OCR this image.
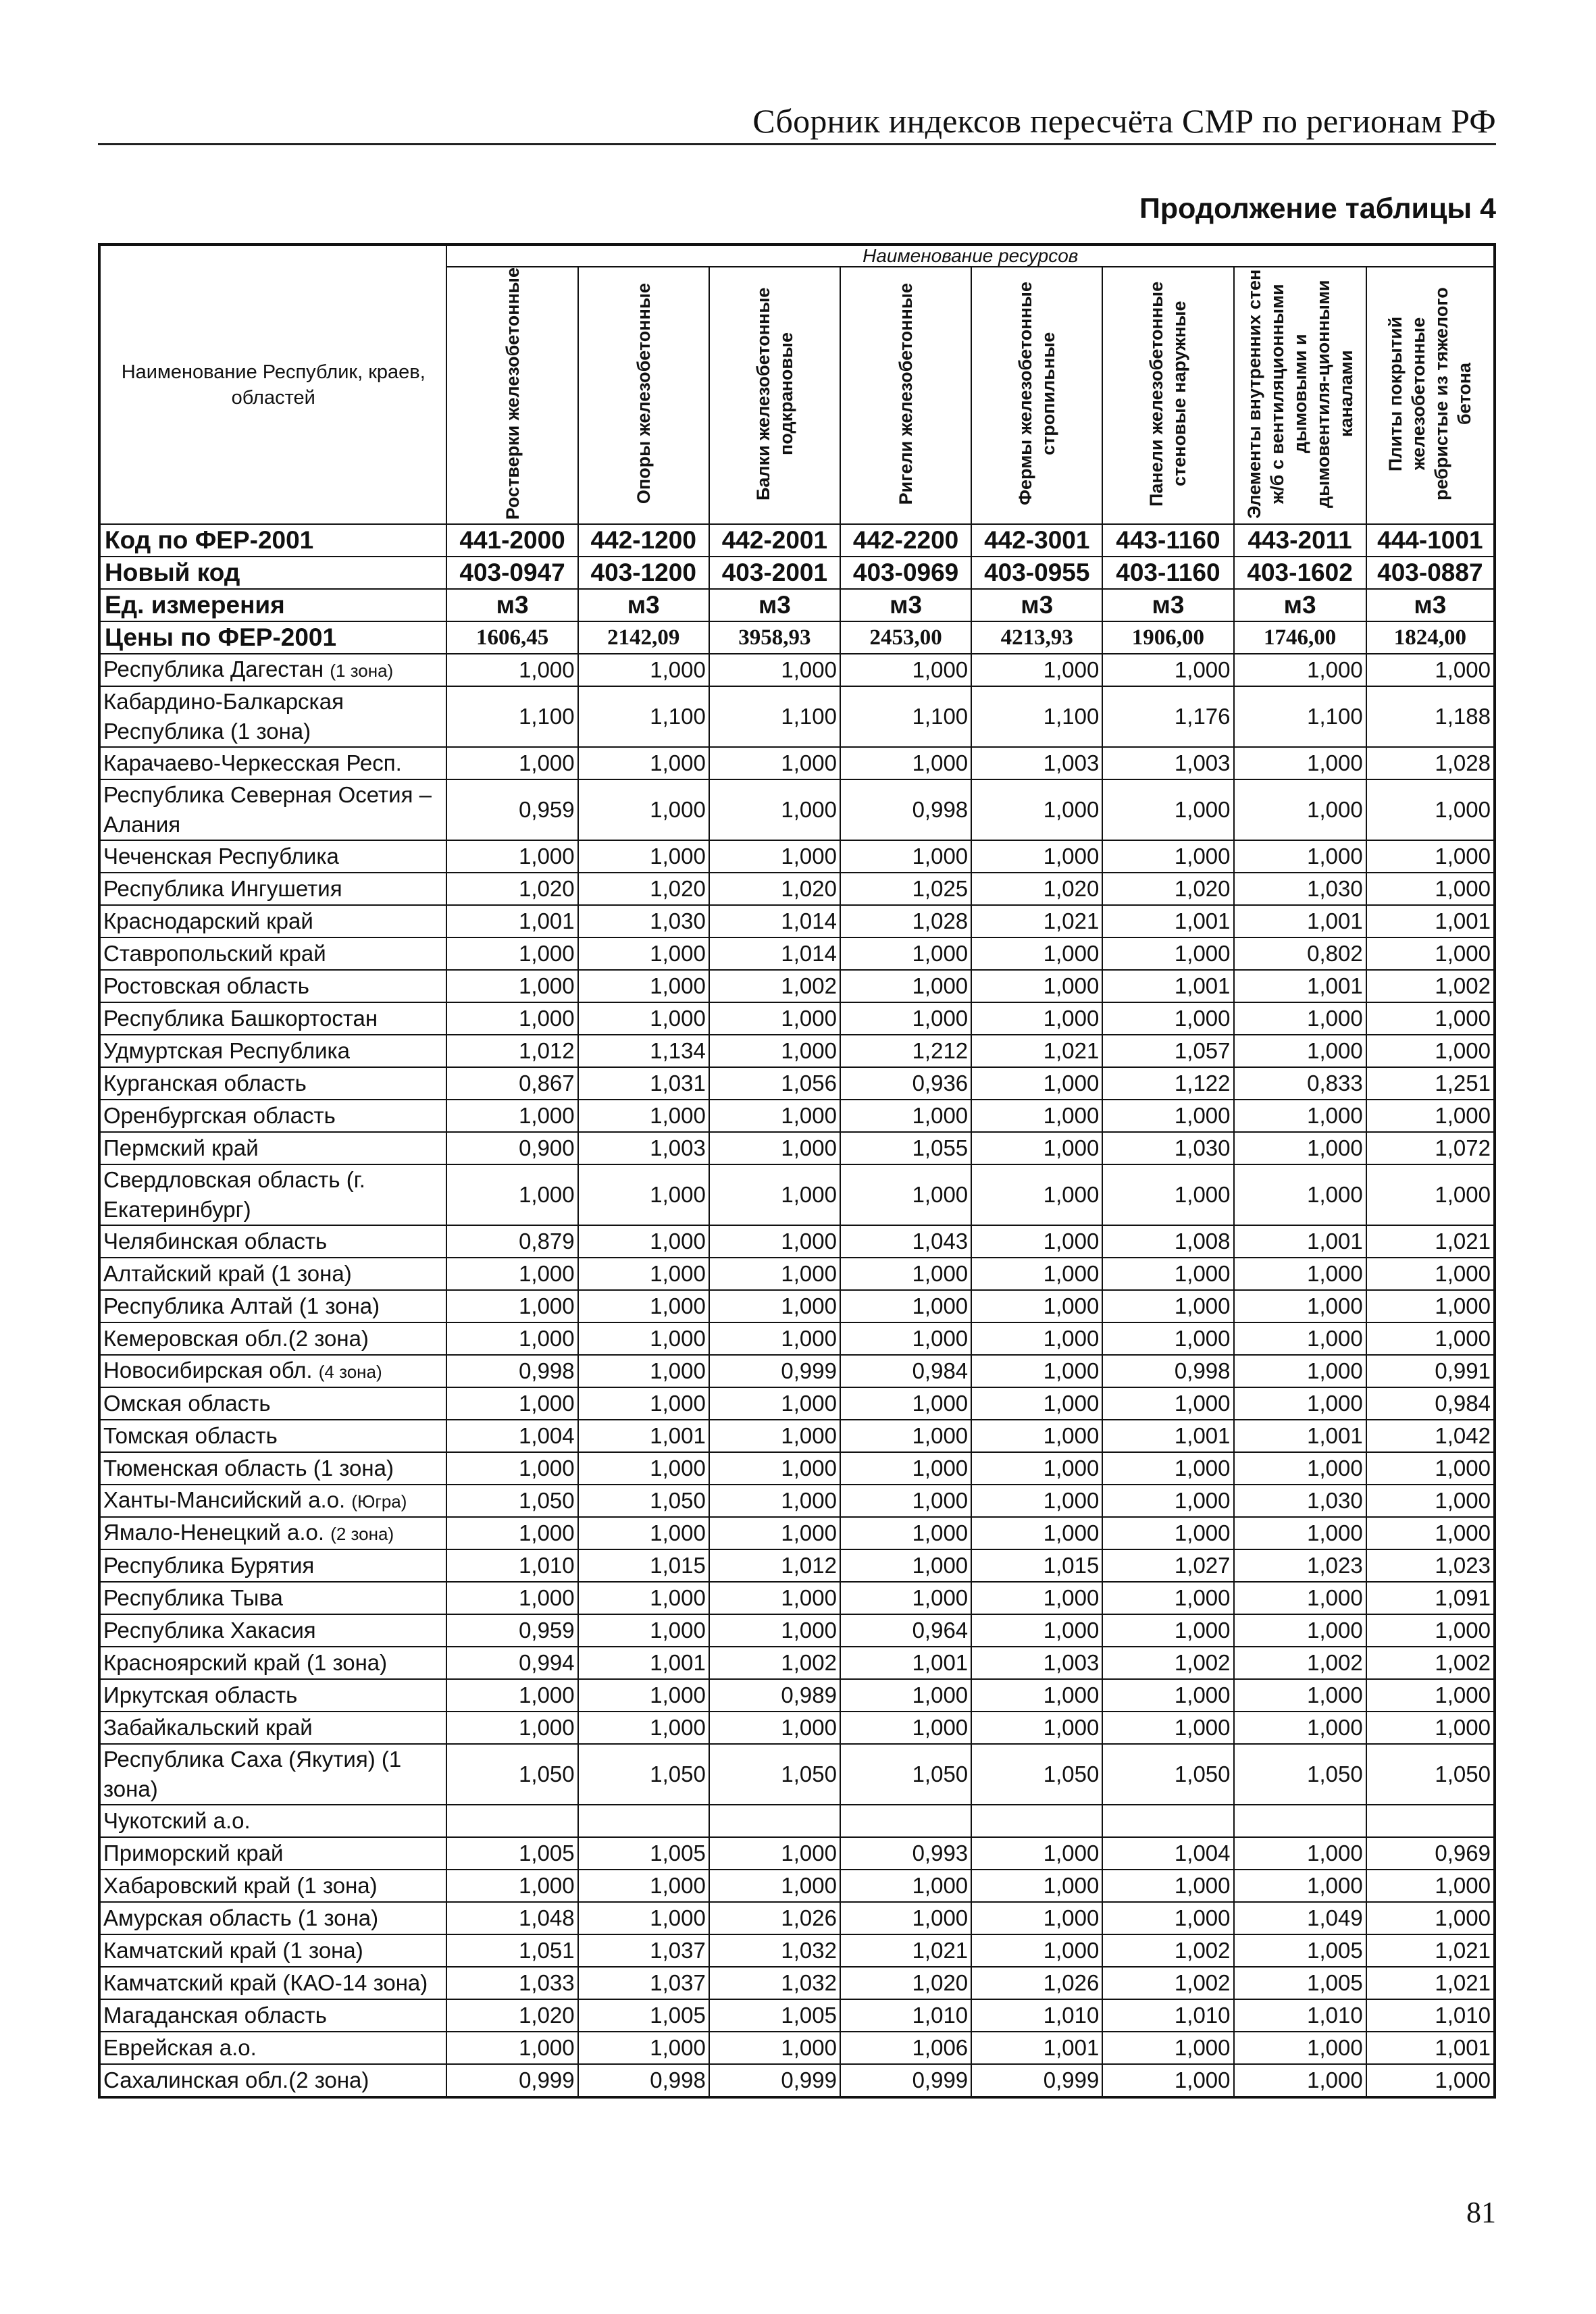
Сборник индексов пересчёта СМР по регионам РФ
Продолжение таблицы 4
Наименование Республик, краев, областей	Наименование ресурсов							
	Ростверки железобетонные	Опоры железобетонные	Балки железобетонные подкрановые	Ригели железобетонные	Фермы железобетонные стропильные	Панели железобетонные стеновые наружные	Элементы внутренних стен ж/б с вентиляционными дымовыми и дымовентиля-ционными каналами	Плиты покрытий железобетонные ребристые из тяжелого бетона
Код по ФЕР-2001	441-2000	442-1200	442-2001	442-2200	442-3001	443-1160	443-2011	444-1001
Новый код	403-0947	403-1200	403-2001	403-0969	403-0955	403-1160	403-1602	403-0887
Ед. измерения	м3	м3	м3	м3	м3	м3	м3	м3
Цены по ФЕР-2001	1606,45	2142,09	3958,93	2453,00	4213,93	1906,00	1746,00	1824,00
Республика Дагестан (1 зона)	1,000	1,000	1,000	1,000	1,000	1,000	1,000	1,000
Кабардино-Балкарская Республика (1 зона)	1,100	1,100	1,100	1,100	1,100	1,176	1,100	1,188
Карачаево-Черкесская Респ.	1,000	1,000	1,000	1,000	1,003	1,003	1,000	1,028
Республика Северная Осетия – Алания	0,959	1,000	1,000	0,998	1,000	1,000	1,000	1,000
Чеченская Республика	1,000	1,000	1,000	1,000	1,000	1,000	1,000	1,000
Республика Ингушетия	1,020	1,020	1,020	1,025	1,020	1,020	1,030	1,000
Краснодарский край	1,001	1,030	1,014	1,028	1,021	1,001	1,001	1,001
Ставропольский край	1,000	1,000	1,014	1,000	1,000	1,000	0,802	1,000
Ростовская область	1,000	1,000	1,002	1,000	1,000	1,001	1,001	1,002
Республика Башкортостан	1,000	1,000	1,000	1,000	1,000	1,000	1,000	1,000
Удмуртская Республика	1,012	1,134	1,000	1,212	1,021	1,057	1,000	1,000
Курганская область	0,867	1,031	1,056	0,936	1,000	1,122	0,833	1,251
Оренбургская область	1,000	1,000	1,000	1,000	1,000	1,000	1,000	1,000
Пермский край	0,900	1,003	1,000	1,055	1,000	1,030	1,000	1,072
Свердловская область (г. Екатеринбург)	1,000	1,000	1,000	1,000	1,000	1,000	1,000	1,000
Челябинская область	0,879	1,000	1,000	1,043	1,000	1,008	1,001	1,021
Алтайский край (1 зона)	1,000	1,000	1,000	1,000	1,000	1,000	1,000	1,000
Республика Алтай (1 зона)	1,000	1,000	1,000	1,000	1,000	1,000	1,000	1,000
Кемеровская обл.(2 зона)	1,000	1,000	1,000	1,000	1,000	1,000	1,000	1,000
Новосибирская обл. (4 зона)	0,998	1,000	0,999	0,984	1,000	0,998	1,000	0,991
Омская область	1,000	1,000	1,000	1,000	1,000	1,000	1,000	0,984
Томская область	1,004	1,001	1,000	1,000	1,000	1,001	1,001	1,042
Тюменская область (1 зона)	1,000	1,000	1,000	1,000	1,000	1,000	1,000	1,000
Ханты-Мансийский а.о. (Югра)	1,050	1,050	1,000	1,000	1,000	1,000	1,030	1,000
Ямало-Ненецкий а.о. (2 зона)	1,000	1,000	1,000	1,000	1,000	1,000	1,000	1,000
Республика Бурятия	1,010	1,015	1,012	1,000	1,015	1,027	1,023	1,023
Республика Тыва	1,000	1,000	1,000	1,000	1,000	1,000	1,000	1,091
Республика Хакасия	0,959	1,000	1,000	0,964	1,000	1,000	1,000	1,000
Красноярский край (1 зона)	0,994	1,001	1,002	1,001	1,003	1,002	1,002	1,002
Иркутская область	1,000	1,000	0,989	1,000	1,000	1,000	1,000	1,000
Забайкальский край	1,000	1,000	1,000	1,000	1,000	1,000	1,000	1,000
Республика Саха (Якутия) (1 зона)	1,050	1,050	1,050	1,050	1,050	1,050	1,050	1,050
Чукотский а.о.								
Приморский край	1,005	1,005	1,000	0,993	1,000	1,004	1,000	0,969
Хабаровский край (1 зона)	1,000	1,000	1,000	1,000	1,000	1,000	1,000	1,000
Амурская область (1 зона)	1,048	1,000	1,026	1,000	1,000	1,000	1,049	1,000
Камчатский край (1 зона)	1,051	1,037	1,032	1,021	1,000	1,002	1,005	1,021
Камчатский край (КАО-14 зона)	1,033	1,037	1,032	1,020	1,026	1,002	1,005	1,021
Магаданская область	1,020	1,005	1,005	1,010	1,010	1,010	1,010	1,010
Еврейская а.о.	1,000	1,000	1,000	1,006	1,001	1,000	1,000	1,001
Сахалинская обл.(2 зона)	0,999	0,998	0,999	0,999	0,999	1,000	1,000	1,000
81
